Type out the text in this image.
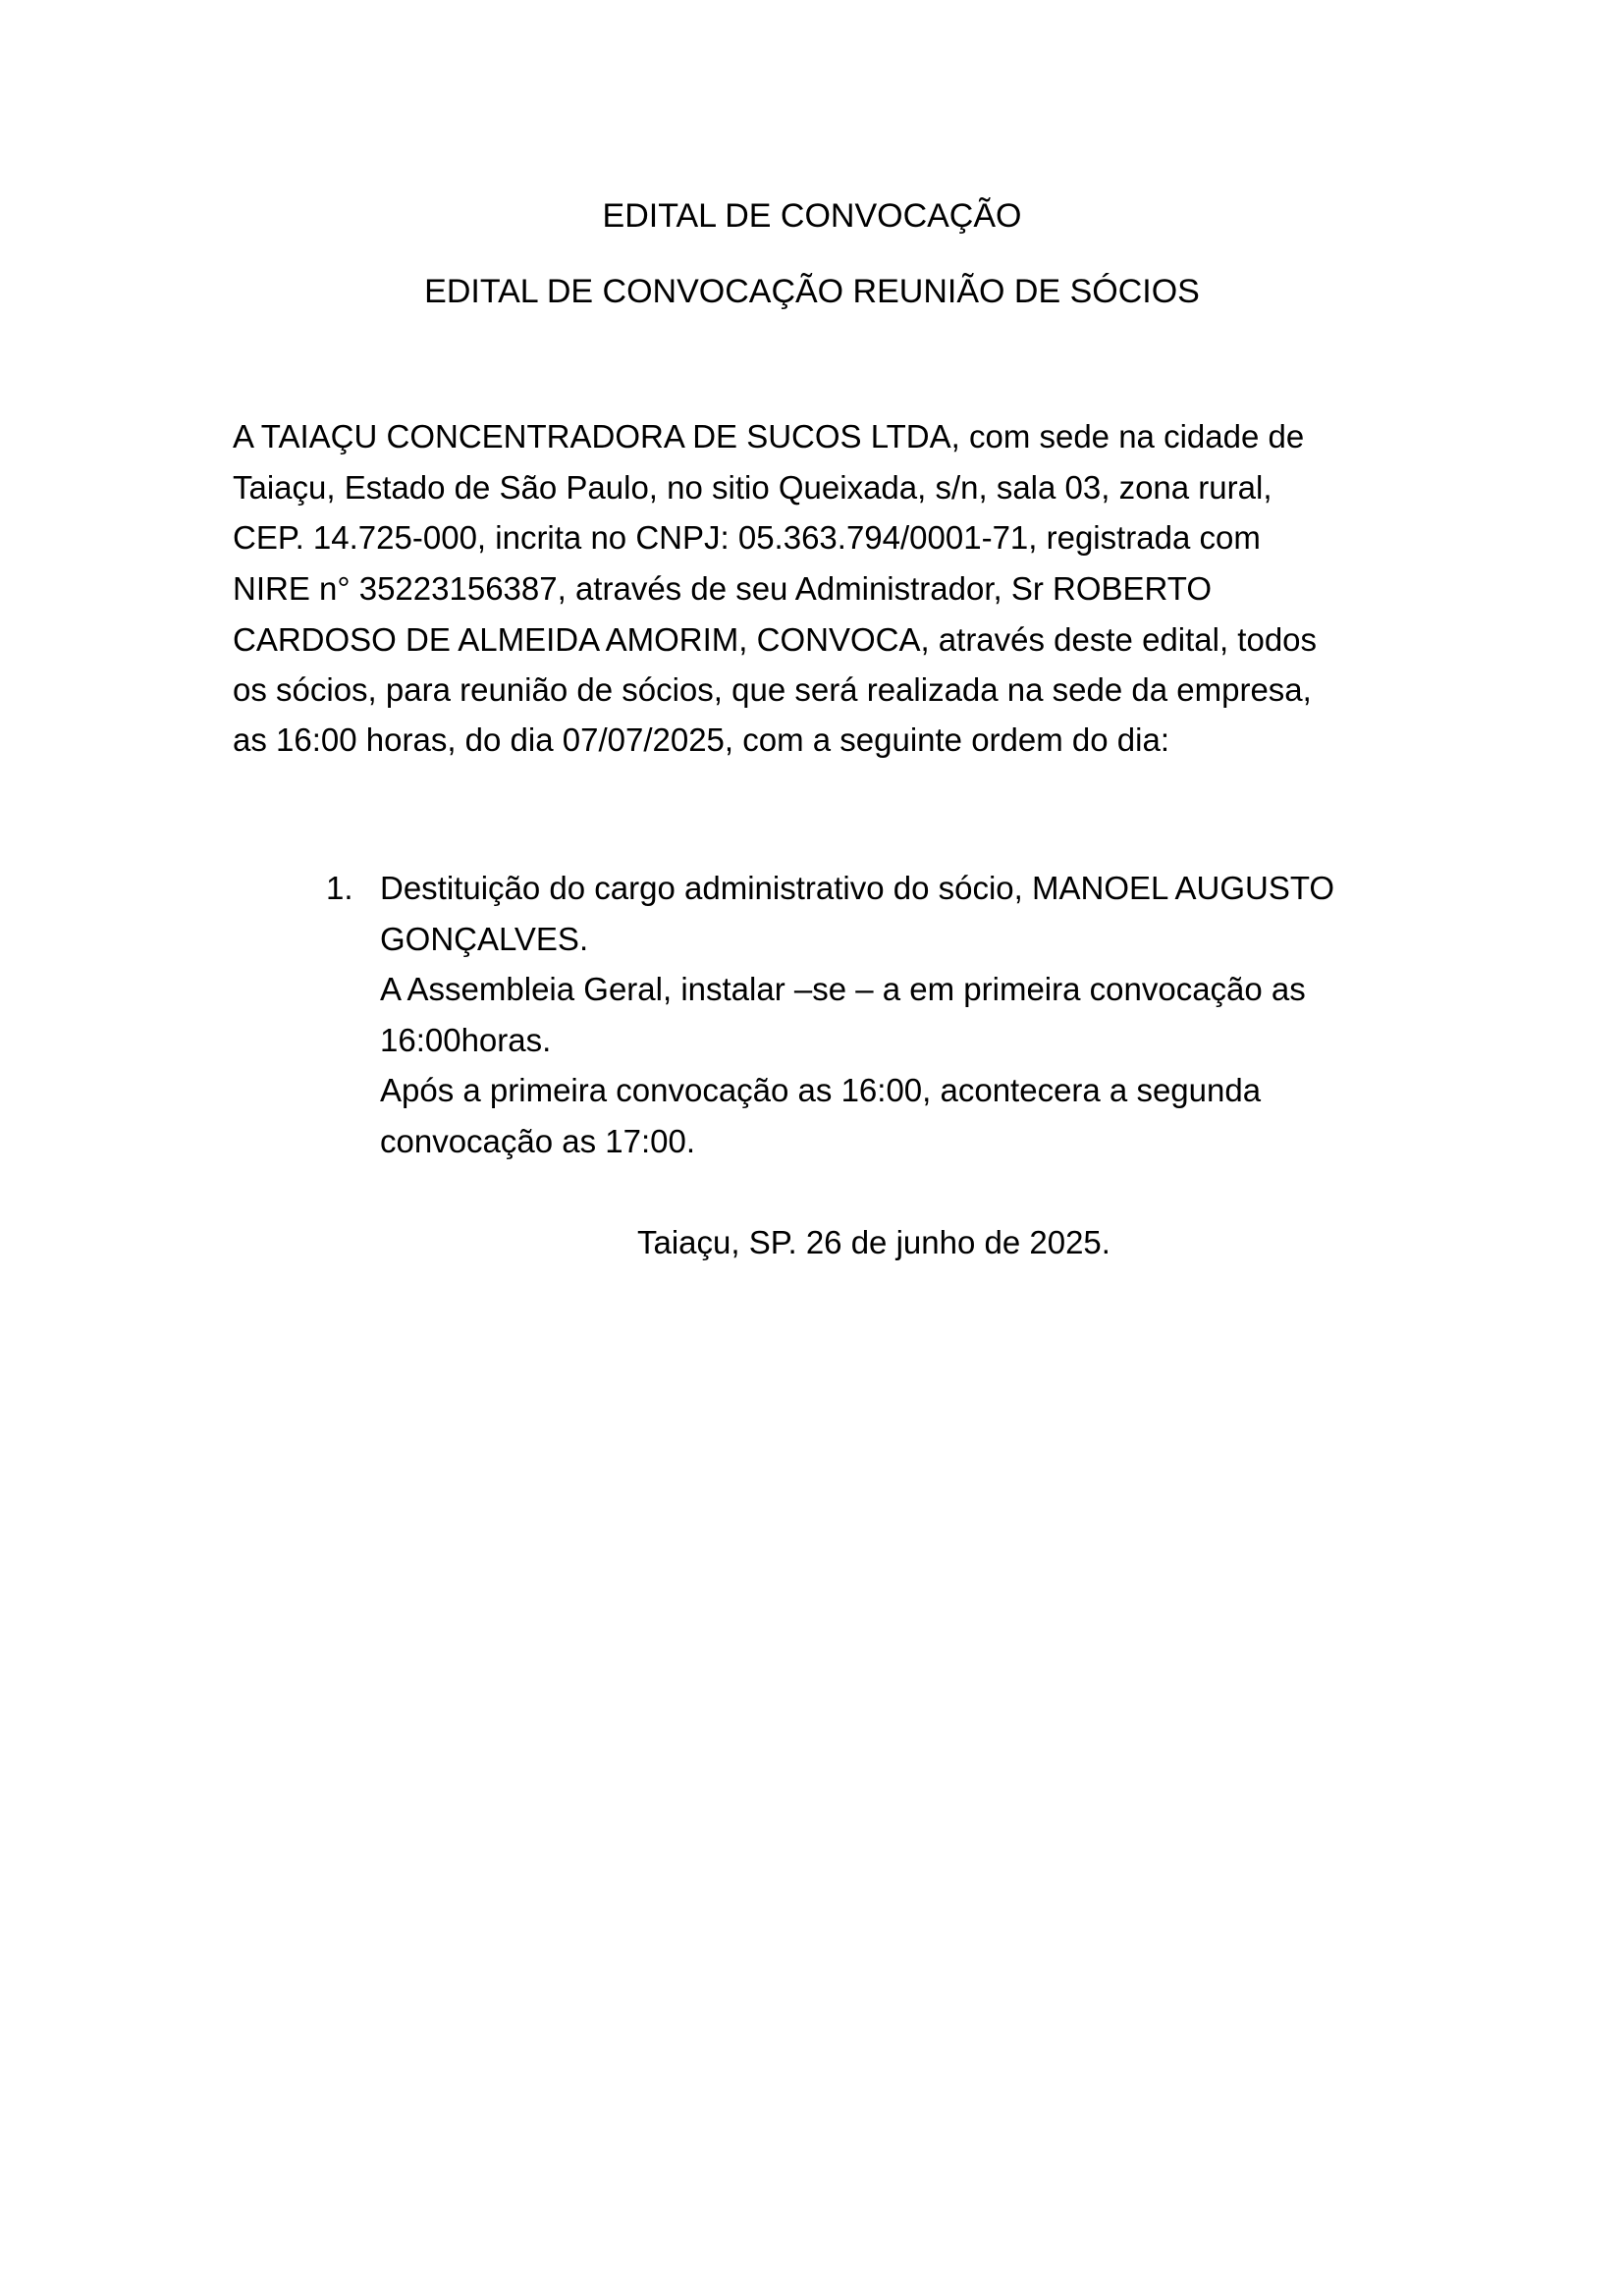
EDITAL DE CONVOCAÇÃO
EDITAL DE CONVOCAÇÃO REUNIÃO DE SÓCIOS
A TAIAÇU CONCENTRADORA DE SUCOS LTDA, com sede na cidade de
Taiaçu, Estado de São Paulo, no sitio Queixada, s/n, sala 03, zona rural,
CEP. 14.725-000, incrita no CNPJ: 05.363.794/0001-71, registrada com
NIRE n° 35223156387, através de seu Administrador, Sr ROBERTO
CARDOSO DE ALMEIDA AMORIM, CONVOCA, através deste edital, todos
os sócios, para reunião de sócios, que será realizada na sede da empresa,
as 16:00 horas, do dia 07/07/2025, com a seguinte ordem do dia:
1. Destituição do cargo administrativo do sócio, MANOEL AUGUSTO
GONÇALVES.
A Assembleia Geral, instalar –se – a em primeira convocação as
16:00horas.
Após a primeira convocação as 16:00, acontecera a segunda
convocação as 17:00.
Taiaçu, SP. 26 de junho de 2025.
